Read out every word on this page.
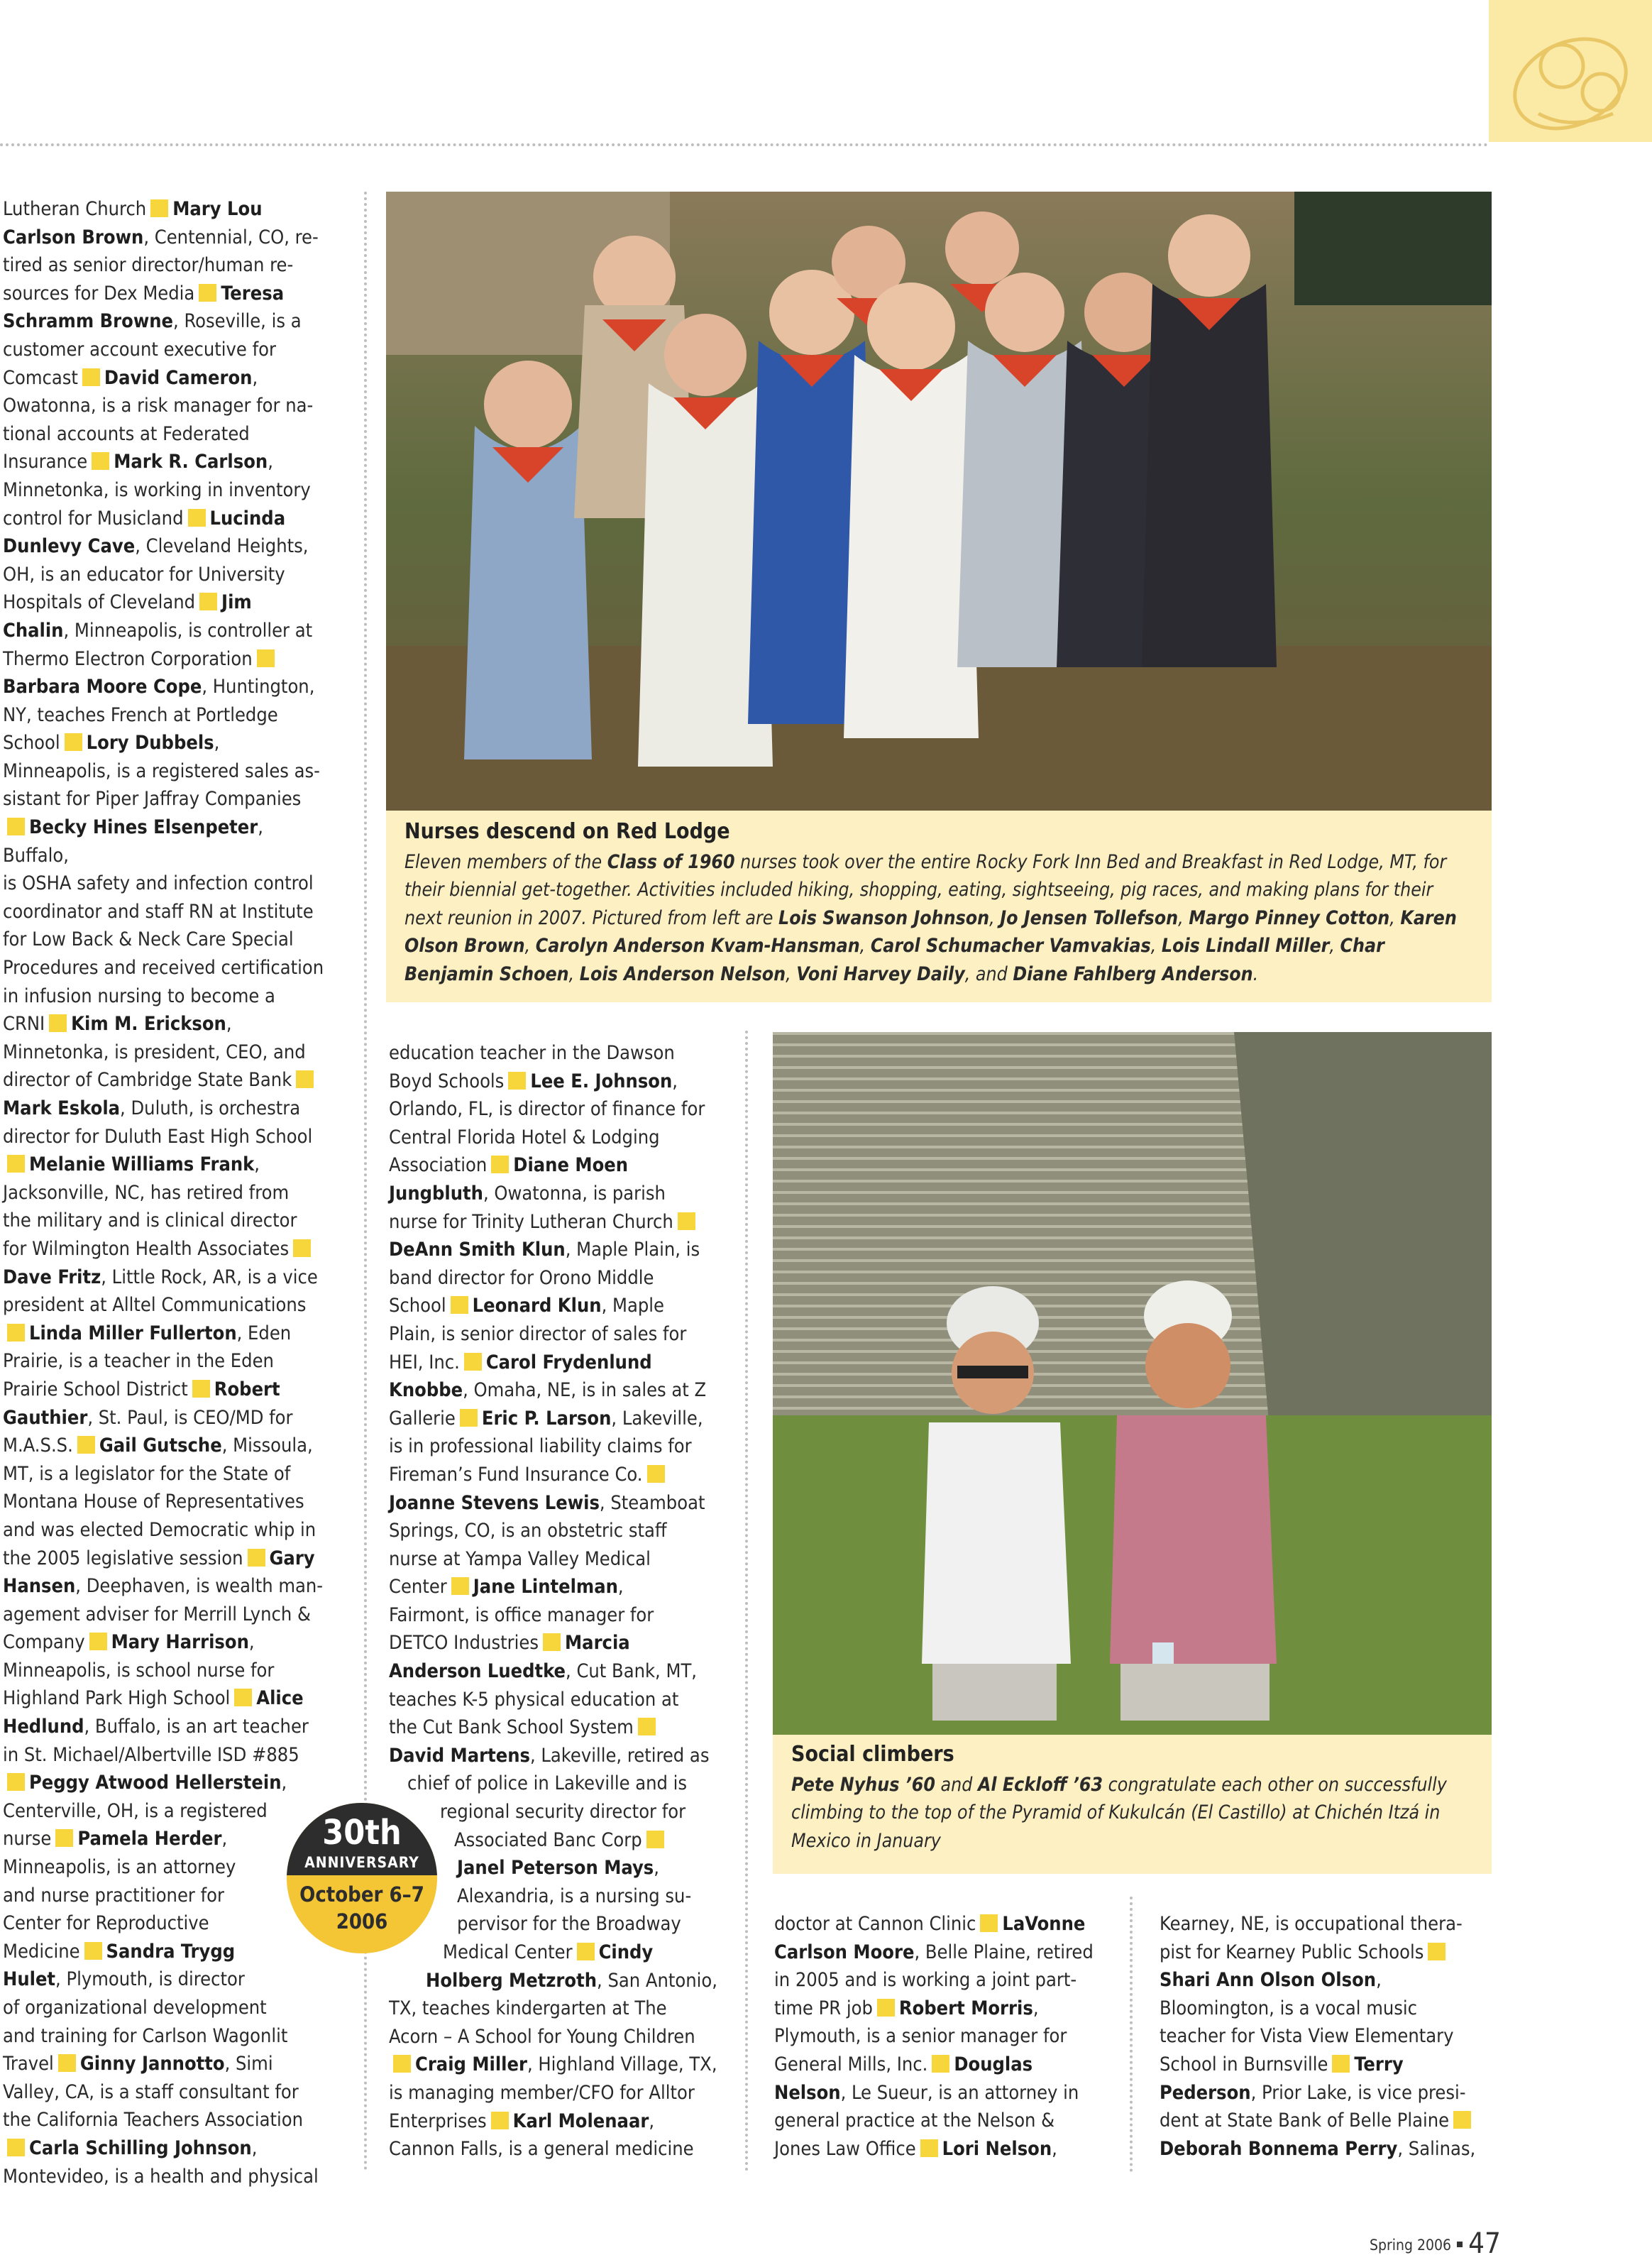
Lutheran Church Mary Lou

Carlson Brown, Centennial, CO, re-

tired as senior director/human re-

sources for Dex Media Teresa

Schramm Browne, Roseville, is a

customer account executive for

Comcast David Cameron,

Owatonna, is a risk manager for na-

tional accounts at Federated

Insurance Mark R. Carlson,

Minnetonka, is working in inventory

control for Musicland Lucinda

Dunlevy Cave, Cleveland Heights,

OH, is an educator for University

Hospitals of Cleveland Jim

Chalin, Minneapolis, is controller at

Thermo Electron Corporation

Barbara Moore Cope, Huntington,

NY, teaches French at Portledge

School Lory Dubbels,

Minneapolis, is a registered sales as-

sistant for Piper Jaffray Companies

Becky Hines Elsenpeter, Buffalo,

is OSHA safety and infection control

coordinator and staff RN at Institute

for Low Back & Neck Care Special

Procedures and received certification

in infusion nursing to become a

CRNI Kim M. Erickson,

Minnetonka, is president, CEO, and

director of Cambridge State Bank

Mark Eskola, Duluth, is orchestra

director for Duluth East High School

Melanie Williams Frank,

Jacksonville, NC, has retired from

the military and is clinical director

for Wilmington Health Associates

Dave Fritz, Little Rock, AR, is a vice

president at Alltel Communications

Linda Miller Fullerton, Eden

Prairie, is a teacher in the Eden

Prairie School District Robert

Gauthier, St. Paul, is CEO/MD for

M.A.S.S. Gail Gutsche, Missoula,

MT, is a legislator for the State of

Montana House of Representatives

and was elected Democratic whip in

the 2005 legislative session Gary

Hansen, Deephaven, is wealth man-

agement adviser for Merrill Lynch &

Company Mary Harrison,

Minneapolis, is school nurse for

Highland Park High School Alice

Hedlund, Buffalo, is an art teacher

in St. Michael/Albertville ISD #885

Peggy Atwood Hellerstein,

Centerville, OH, is a registered

nurse Pamela Herder,

Minneapolis, is an attorney

and nurse practitioner for

Center for Reproductive

Medicine Sandra Trygg

Hulet, Plymouth, is director

of organizational development

and training for Carlson Wagonlit

Travel Ginny Jannotto, Simi

Valley, CA, is a staff consultant for

the California Teachers Association

Carla Schilling Johnson,

Montevideo, is a health and physical

Nurses descend on Red Lodge
Eleven members of the Class of 1960 nurses took over the entire Rocky Fork Inn Bed and Breakfast in Red Lodge, MT, for their biennial get-together. Activities included hiking, shopping, eating, sightseeing, pig races, and making plans for their next reunion in 2007. Pictured from left are Lois Swanson Johnson, Jo Jensen Tollefson, Margo Pinney Cotton, Karen Olson Brown, Carolyn Anderson Kvam-Hansman, Carol Schumacher Vamvakias, Lois Lindall Miller, Char Benjamin Schoen, Lois Anderson Nelson, Voni Harvey Daily, and Diane Fahlberg Anderson.

education teacher in the Dawson

Boyd Schools Lee E. Johnson,

Orlando, FL, is director of finance for

Central Florida Hotel & Lodging

Association Diane Moen

Jungbluth, Owatonna, is parish

nurse for Trinity Lutheran Church

DeAnn Smith Klun, Maple Plain, is

band director for Orono Middle

School Leonard Klun, Maple

Plain, is senior director of sales for

HEI, Inc. Carol Frydenlund

Knobbe, Omaha, NE, is in sales at Z

Gallerie Eric P. Larson, Lakeville,

is in professional liability claims for

Fireman’s Fund Insurance Co.

Joanne Stevens Lewis, Steamboat

Springs, CO, is an obstetric staff

nurse at Yampa Valley Medical

Center Jane Lintelman,

Fairmont, is office manager for

DETCO Industries Marcia

Anderson Luedtke, Cut Bank, MT,

teaches K-5 physical education at

the Cut Bank School System

David Martens, Lakeville, retired as

chief of police in Lakeville and is

regional security director for

Associated Banc Corp

Janel Peterson Mays,

Alexandria, is a nursing su-

pervisor for the Broadway

Medical Center Cindy

Holberg Metzroth, San Antonio,

TX, teaches kindergarten at The

Acorn – A School for Young Children

Craig Miller, Highland Village, TX,

is managing member/CFO for Alltor

Enterprises Karl Molenaar,

Cannon Falls, is a general medicine

30th
ANNIVERSARY
October 6–7
2006
Social climbers
Pete Nyhus ’60 and Al Eckloff ’63 congratulate each other on successfully climbing to the top of the Pyramid of Kukulcán (El Castillo) at Chichén Itzá in Mexico in January

doctor at Cannon Clinic LaVonne

Carlson Moore, Belle Plaine, retired

in 2005 and is working a joint part-

time PR job Robert Morris,

Plymouth, is a senior manager for

General Mills, Inc. Douglas

Nelson, Le Sueur, is an attorney in

general practice at the Nelson &

Jones Law Office Lori Nelson,

Kearney, NE, is occupational thera-

pist for Kearney Public Schools

Shari Ann Olson Olson,

Bloomington, is a vocal music

teacher for Vista View Elementary

School in Burnsville Terry

Pederson, Prior Lake, is vice presi-

dent at State Bank of Belle Plaine

Deborah Bonnema Perry, Salinas,

Spring 2006 47
